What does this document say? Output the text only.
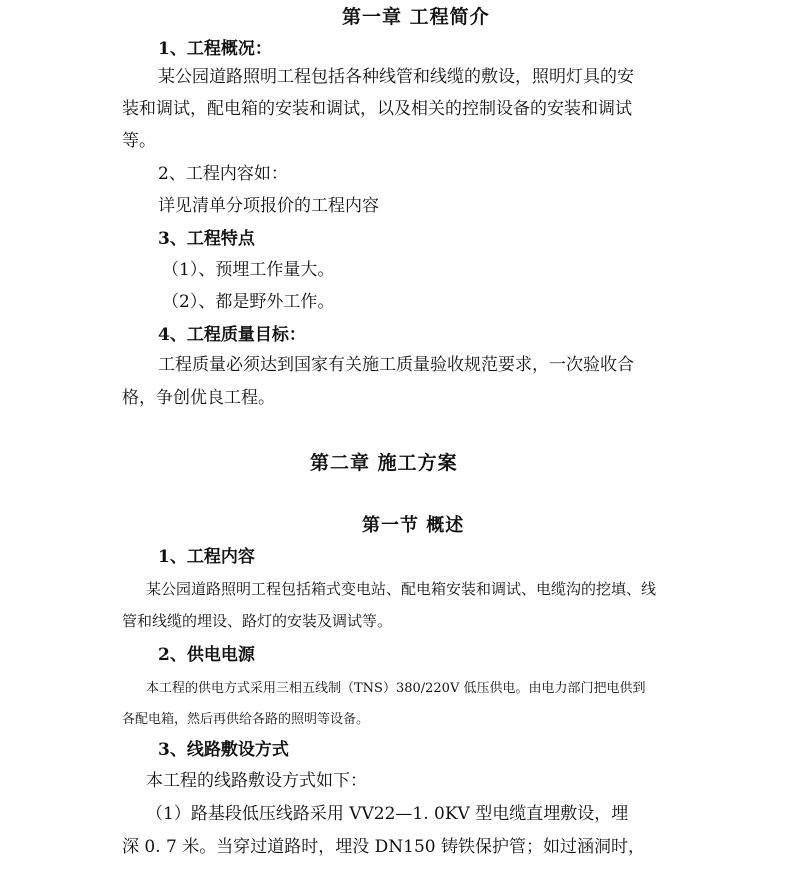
第一章 工程简介
1、工程概况：
某公园道路照明工程包括各种线管和线缆的敷设，照明灯具的安
装和调试，配电箱的安装和调试，以及相关的控制设备的安装和调试
等。
2、工程内容如：
详见清单分项报价的工程内容
3、工程特点
（1）、预埋工作量大。
（2）、都是野外工作。
4、工程质量目标：
工程质量必须达到国家有关施工质量验收规范要求，一次验收合
格，争创优良工程。
第二章 施工方案
第一节 概述
1、工程内容
某公园道路照明工程包括箱式变电站、配电箱安装和调试、电缆沟的挖填、线
管和线缆的埋设、路灯的安装及调试等。
2、供电电源
本工程的供电方式采用三相五线制（TNS）380/220V 低压供电。由电力部门把电供到
各配电箱，然后再供给各路的照明等设备。
3、线路敷设方式
本工程的线路敷设方式如下：
（1）路基段低压线路采用 VV22—1. 0KV 型电缆直埋敷设，埋
深 0. 7 米。当穿过道路时，埋没 DN150 铸铁保护管；如过涵洞时，
